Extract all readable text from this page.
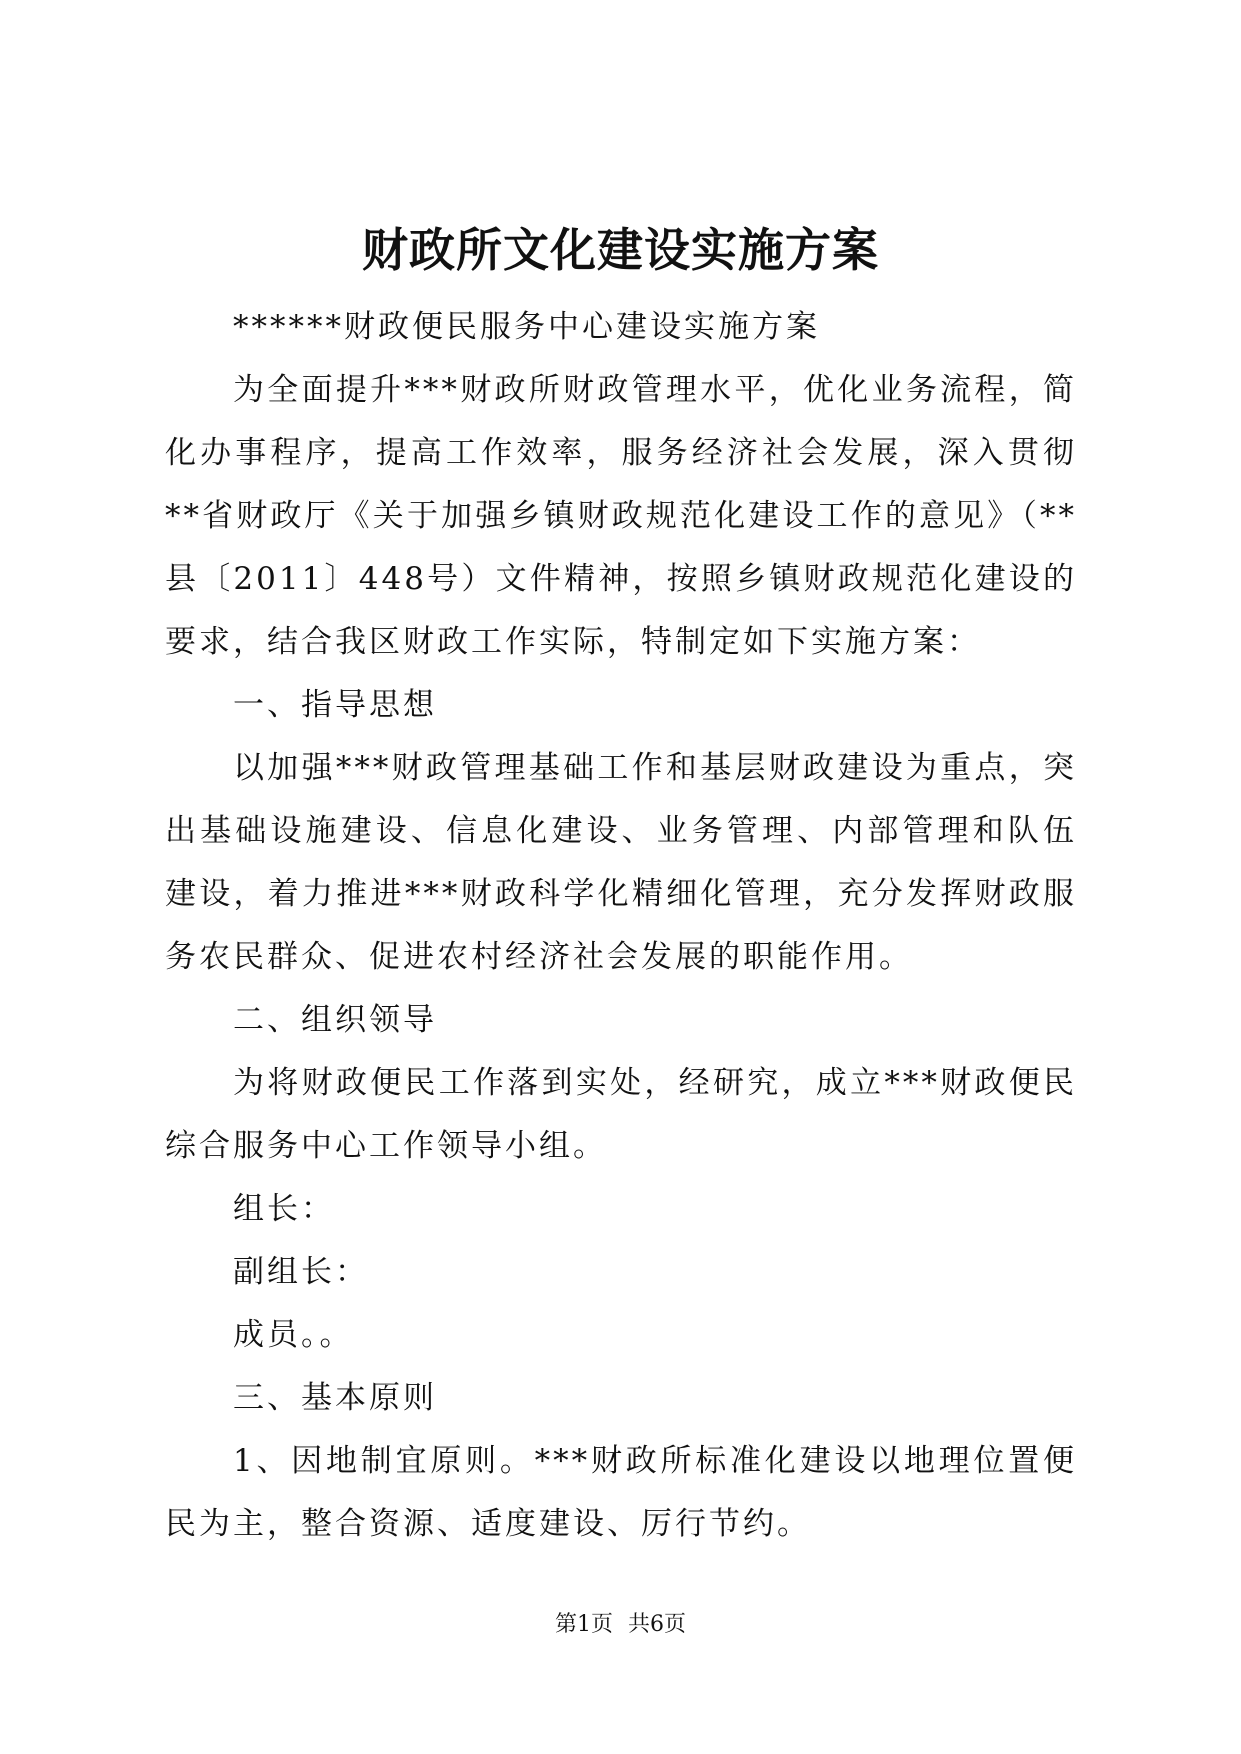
财政所文化建设实施方案

******财政便民服务中心建设实施方案

为全面提升***财政所财政管理水平，优化业务流程，简化办事程序，提高工作效率，服务经济社会发展，深入贯彻**省财政厅《关于加强乡镇财政规范化建设工作的意见》（**县〔2011〕448号）文件精神，按照乡镇财政规范化建设的要求，结合我区财政工作实际，特制定如下实施方案：

一、指导思想

以加强***财政管理基础工作和基层财政建设为重点，突出基础设施建设、信息化建设、业务管理、内部管理和队伍建设，着力推进***财政科学化精细化管理，充分发挥财政服务农民群众、促进农村经济社会发展的职能作用。

二、组织领导

为将财政便民工作落到实处，经研究，成立***财政便民综合服务中心工作领导小组。

组长：

副组长：

成员。。

三、基本原则

1、因地制宜原则。***财政所标准化建设以地理位置便民为主，整合资源、适度建设、厉行节约。

第1页 共6页
